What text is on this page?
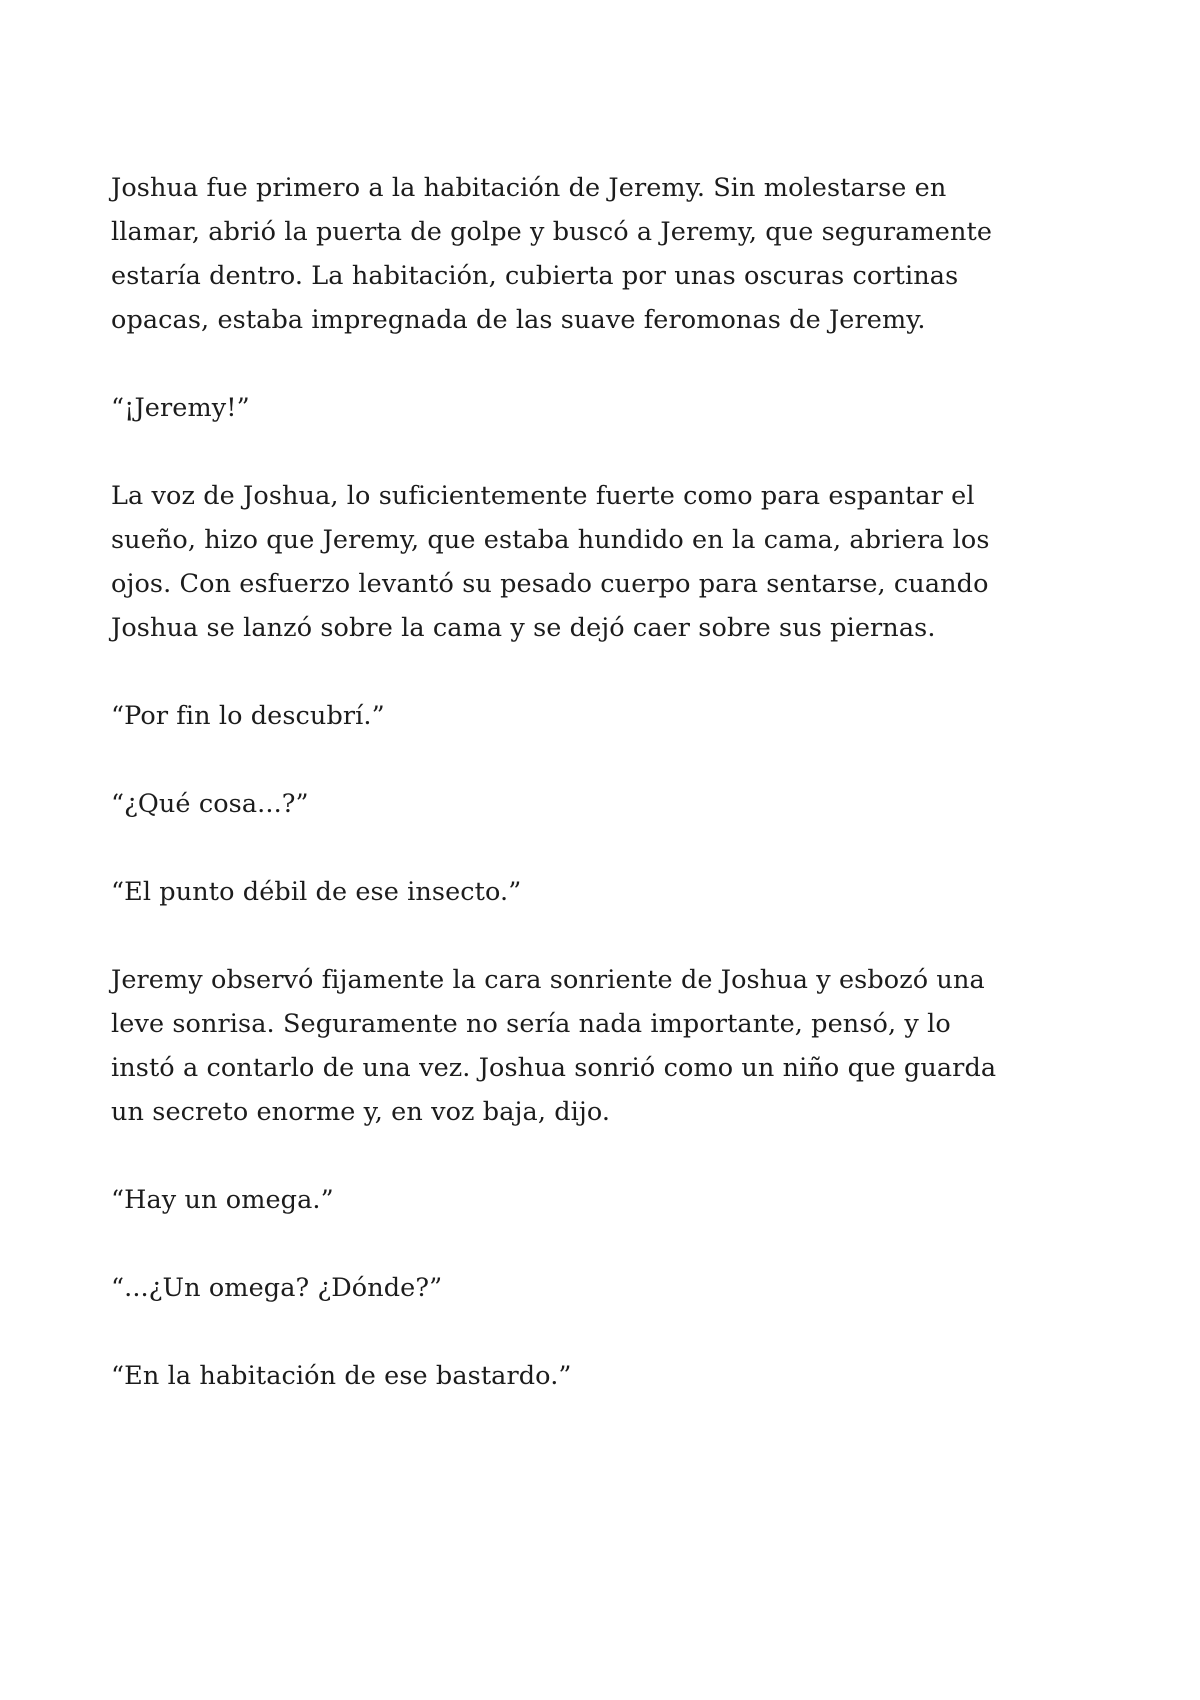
Joshua fue primero a la habitación de Jeremy. Sin molestarse en
llamar, abrió la puerta de golpe y buscó a Jeremy, que seguramente
estaría dentro. La habitación, cubierta por unas oscuras cortinas
opacas, estaba impregnada de las suave feromonas de Jeremy.

“¡Jeremy!”

La voz de Joshua, lo suficientemente fuerte como para espantar el
sueño, hizo que Jeremy, que estaba hundido en la cama, abriera los
ojos. Con esfuerzo levantó su pesado cuerpo para sentarse, cuando
Joshua se lanzó sobre la cama y se dejó caer sobre sus piernas.

“Por fin lo descubrí.”

“¿Qué cosa...?”

“El punto débil de ese insecto.”

Jeremy observó fijamente la cara sonriente de Joshua y esbozó una
leve sonrisa. Seguramente no sería nada importante, pensó, y lo
instó a contarlo de una vez. Joshua sonrió como un niño que guarda
un secreto enorme y, en voz baja, dijo.

“Hay un omega.”

“...¿Un omega? ¿Dónde?”

“En la habitación de ese bastardo.”
